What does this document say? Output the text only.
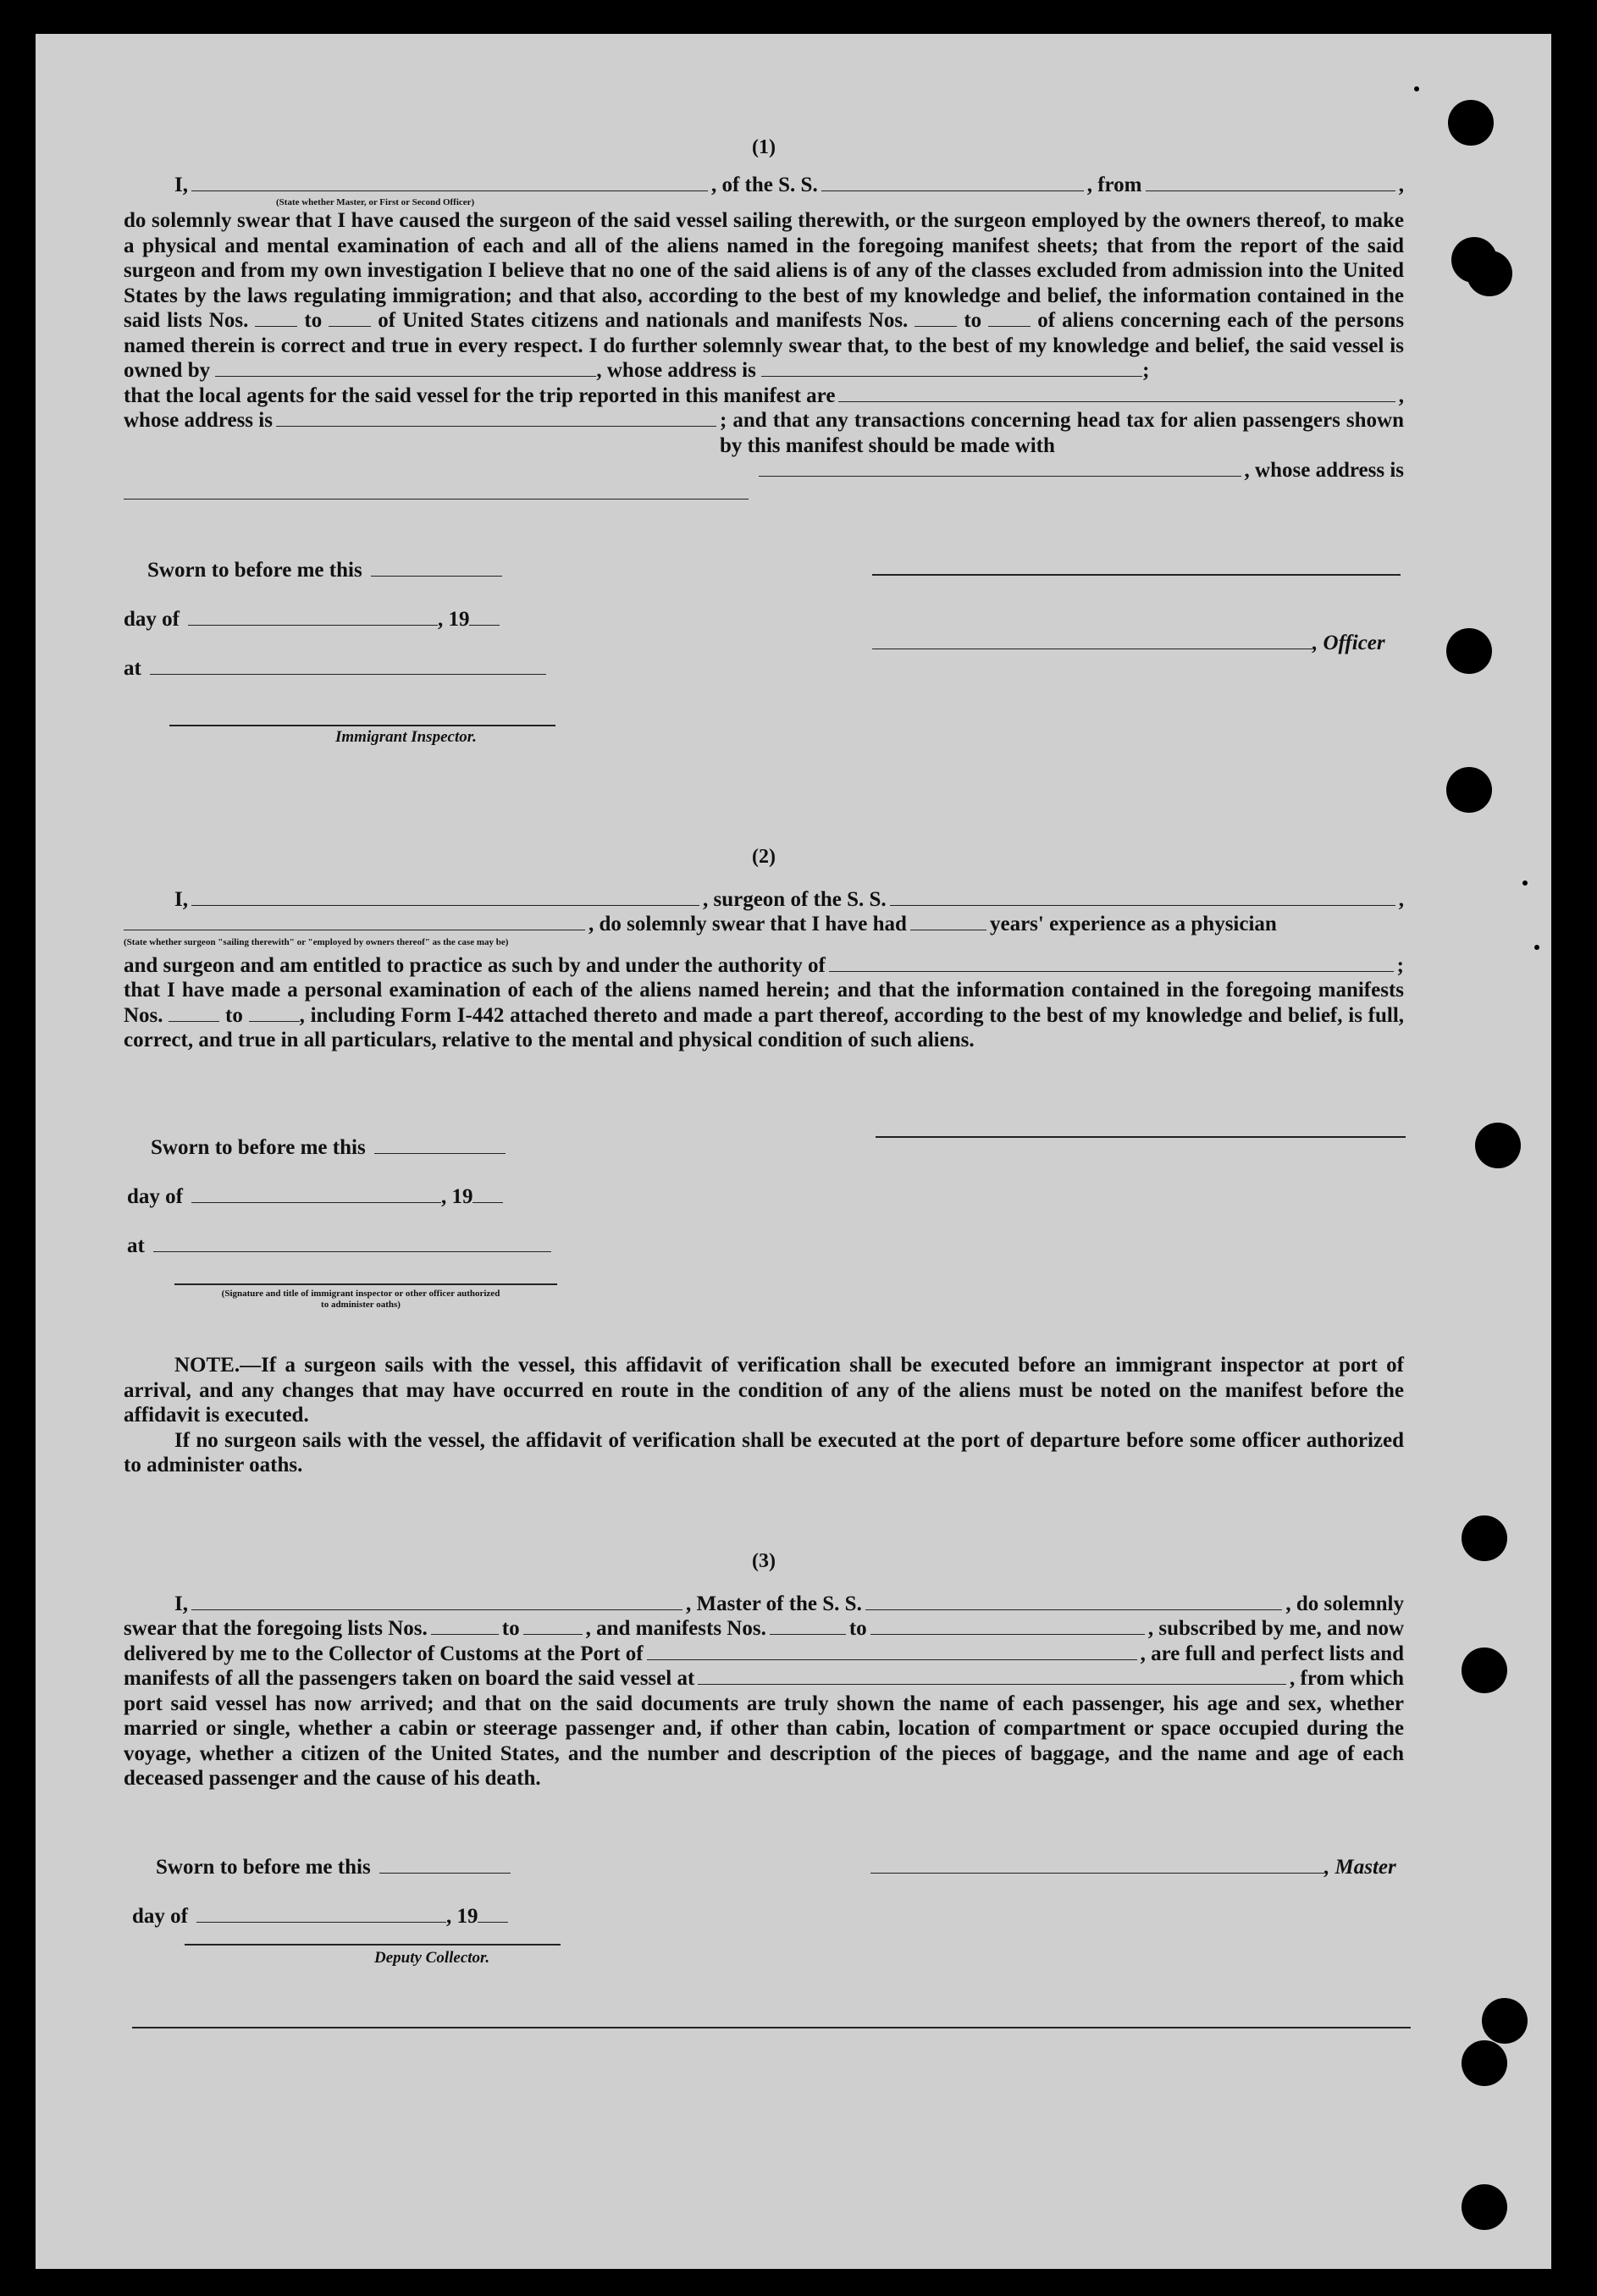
(1)
I,	, of the S. S.	, from	,
(State whether Master, or First or Second Officer)

do solemnly swear that I have caused the surgeon of the said vessel sailing therewith, or the surgeon employed by the owners thereof, to make a physical and mental examination of each and all of the aliens named in the foregoing manifest sheets; that from the report of the said surgeon and from my own investigation I believe that no one of the said aliens is of any of the classes excluded from admission into the United States by the laws regulating immigration; and that also, according to the best of my knowledge and belief, the information contained in the said lists Nos.	to	of United States citizens and nationals and manifests Nos.	to	of aliens concerning each of the persons named therein is correct and true in every respect. I do further solemnly swear that, to the best of my knowledge and belief, the said vessel is owned by	, whose address is	;

that the local agents for the said vessel for the trip reported in this manifest are	,
whose address is	; and that any transactions concerning head tax for alien passengers shown by this manifest should be made with
, whose address is
Sworn to before me this
day of	, 19
at
Immigrant Inspector.
, Officer
(2)
I,	, surgeon of the S. S.	,
, do solemnly swear that I have had	years' experience as a physician
(State whether surgeon "sailing therewith" or "employed by owners thereof" as the case may be)
and surgeon and am entitled to practice as such by and under the authority of	;

that I have made a personal examination of each of the aliens named herein; and that the information contained in the foregoing manifests Nos.	to	, including Form I-442 attached thereto and made a part thereof, according to the best of my knowledge and belief, is full, correct, and true in all particulars, relative to the mental and physical condition of such aliens.

Sworn to before me this
day of	, 19
at
(Signature and title of immigrant inspector or other officer authorized to administer oaths)

NOTE.—If a surgeon sails with the vessel, this affidavit of verification shall be executed before an immigrant inspector at port of arrival, and any changes that may have occurred en route in the condition of any of the aliens must be noted on the manifest before the affidavit is executed.

If no surgeon sails with the vessel, the affidavit of verification shall be executed at the port of departure before some officer authorized to administer oaths.

(3)
I,	, Master of the S. S.	, do solemnly
swear that the foregoing lists Nos.	to	, and manifests Nos.	to	, subscribed by me, and now
delivered by me to the Collector of Customs at the Port of	, are full and perfect lists and
manifests of all the passengers taken on board the said vessel at	, from which

port said vessel has now arrived; and that on the said documents are truly shown the name of each passenger, his age and sex, whether married or single, whether a cabin or steerage passenger and, if other than cabin, location of compartment or space occupied during the voyage, whether a citizen of the United States, and the number and description of the pieces of baggage, and the name and age of each deceased passenger and the cause of his death.

Sworn to before me this	, Master
day of	, 19
Deputy Collector.
